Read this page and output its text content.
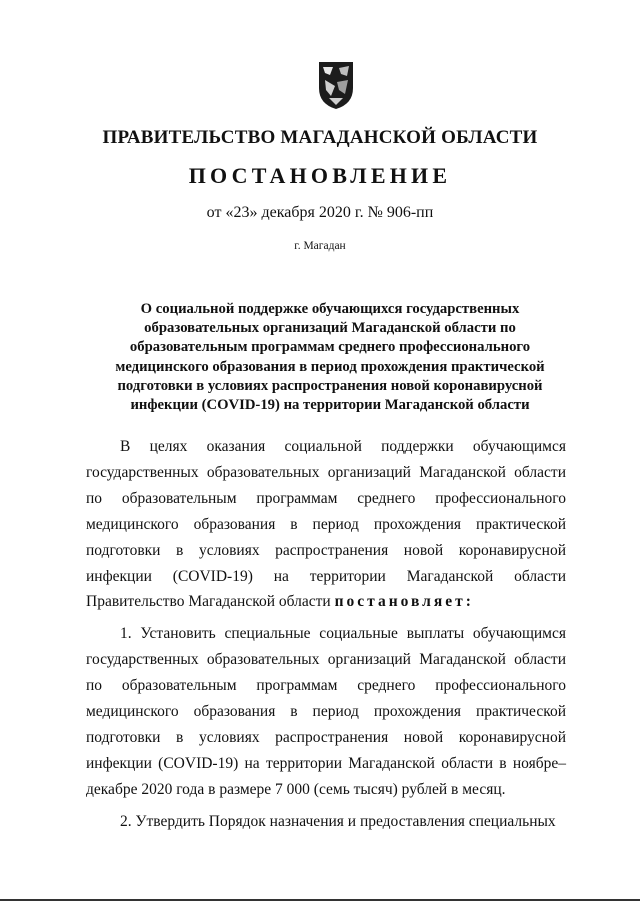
ПРАВИТЕЛЬСТВО МАГАДАНСКОЙ ОБЛАСТИ
ПОСТАНОВЛЕНИЕ
от «23» декабря 2020 г. № 906-пп
г. Магадан
О социальной поддержке обучающихся государственных образовательных организаций Магаданской области по образовательным программам среднего профессионального медицинского образования в период прохождения практической подготовки в условиях распространения новой коронавирусной инфекции (COVID-19) на территории Магаданской области

В целях оказания социальной поддержки обучающимся государственных образовательных организаций Магаданской области по образовательным программам среднего профессионального медицинского образования в период прохождения практической подготовки в условиях распространения новой коронавирусной инфекции (COVID-19) на территории Магаданской области Правительство Магаданской области постановляет:

1. Установить специальные социальные выплаты обучающимся государственных образовательных организаций Магаданской области по образовательным программам среднего профессионального медицинского образования в период прохождения практической подготовки в условиях распространения новой коронавирусной инфекции (COVID-19) на территории Магаданской области в ноябре–декабре 2020 года в размере 7 000 (семь тысяч) рублей в месяц.

2. Утвердить Порядок назначения и предоставления специальных
